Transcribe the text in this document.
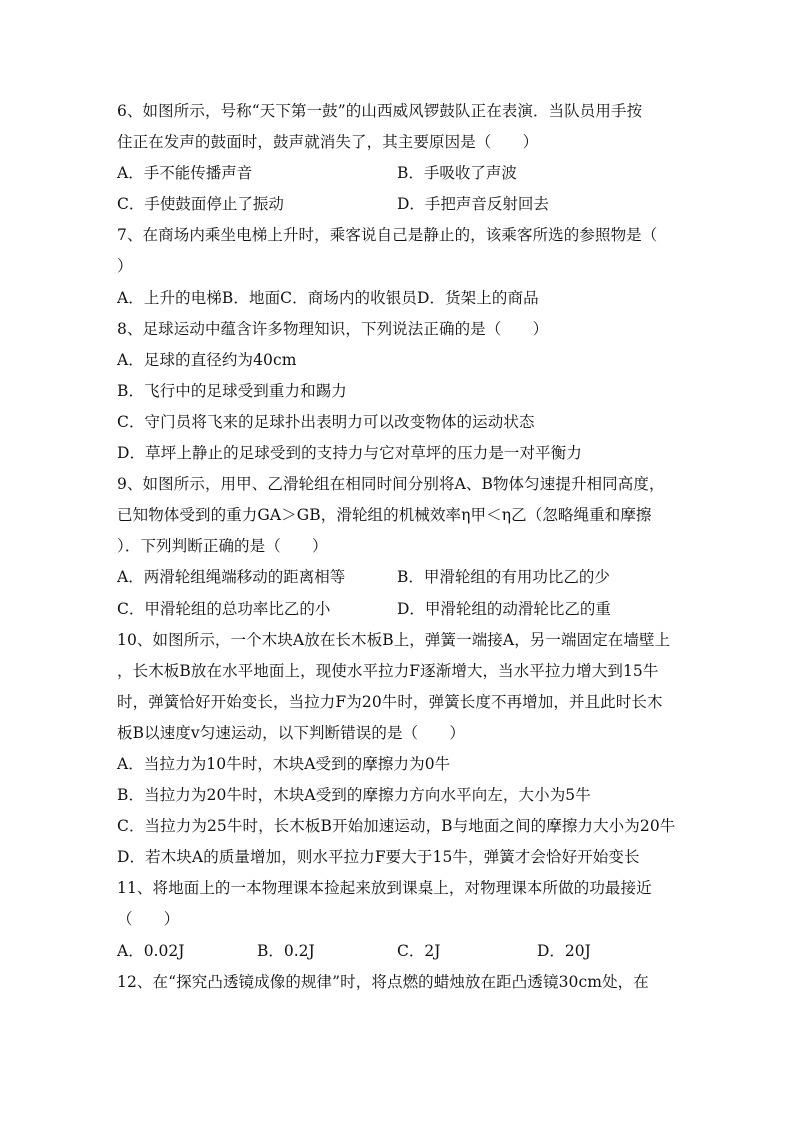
6、如图所示，号称“天下第一鼓”的山西威风锣鼓队正在表演．当队员用手按
住正在发声的鼓面时，鼓声就消失了，其主要原因是（　　）
A．手不能传播声音	B．手吸收了声波
C．手使鼓面停止了振动	D．手把声音反射回去
7、在商场内乘坐电梯上升时，乘客说自己是静止的，该乘客所选的参照物是（
）
A．上升的电梯B．地面C．商场内的收银员D．货架上的商品
8、足球运动中蕴含许多物理知识，下列说法正确的是（　　）
A．足球的直径约为40cm
B．飞行中的足球受到重力和踢力
C．守门员将飞来的足球扑出表明力可以改变物体的运动状态
D．草坪上静止的足球受到的支持力与它对草坪的压力是一对平衡力
9、如图所示，用甲、乙滑轮组在相同时间分别将A、B物体匀速提升相同高度，
已知物体受到的重力GA＞GB，滑轮组的机械效率η甲＜η乙（忽略绳重和摩擦
）．下列判断正确的是（　　）
A．两滑轮组绳端移动的距离相等	B．甲滑轮组的有用功比乙的少
C．甲滑轮组的总功率比乙的小	D．甲滑轮组的动滑轮比乙的重
10、如图所示，一个木块A放在长木板B上，弹簧一端接A，另一端固定在墙壁上
，长木板B放在水平地面上，现使水平拉力F逐渐增大，当水平拉力增大到15牛
时，弹簧恰好开始变长，当拉力F为20牛时，弹簧长度不再增加，并且此时长木
板B以速度v匀速运动，以下判断错误的是（　　）
A．当拉力为10牛时，木块A受到的摩擦力为0牛
B．当拉力为20牛时，木块A受到的摩擦力方向水平向左，大小为5牛
C．当拉力为25牛时，长木板B开始加速运动，B与地面之间的摩擦力大小为20牛
D．若木块A的质量增加，则水平拉力F要大于15牛，弹簧才会恰好开始变长
11、将地面上的一本物理课本捡起来放到课桌上，对物理课本所做的功最接近
（　　）
A．0.02J	B．0.2J	C．2J	D．20J
12、在“探究凸透镜成像的规律”时，将点燃的蜡烛放在距凸透镜30cm处，在
